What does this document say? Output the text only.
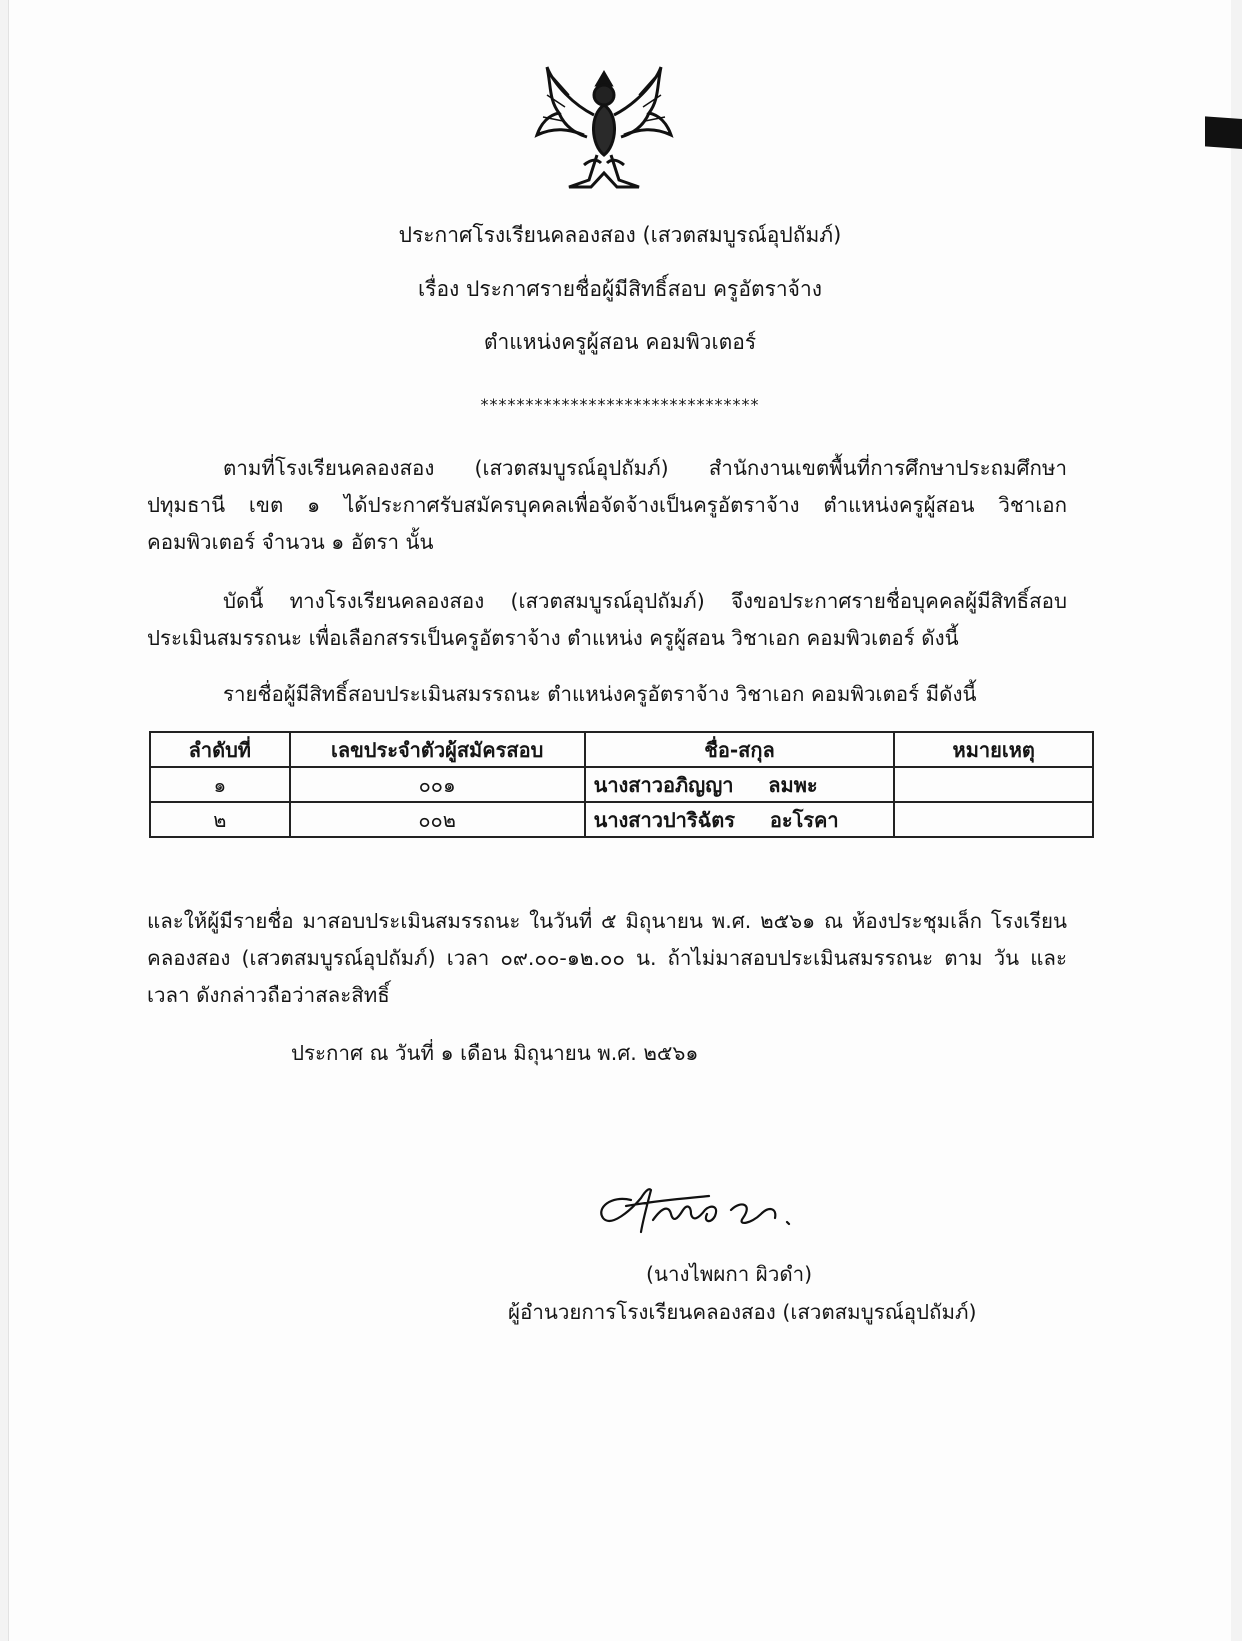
ประกาศโรงเรียนคลองสอง (เสวตสมบูรณ์อุปถัมภ์)
เรื่อง ประกาศรายชื่อผู้มีสิทธิ์สอบ ครูอัตราจ้าง
ตำแหน่งครูผู้สอน คอมพิวเตอร์
*******************************
ตามที่โรงเรียนคลองสอง (เสวตสมบูรณ์อุปถัมภ์) สำนักงานเขตพื้นที่การศึกษาประถมศึกษาปทุมธานี เขต ๑ ได้ประกาศรับสมัครบุคคลเพื่อจัดจ้างเป็นครูอัตราจ้าง ตำแหน่งครูผู้สอน วิชาเอก คอมพิวเตอร์ จำนวน ๑ อัตรา นั้น
บัดนี้ ทางโรงเรียนคลองสอง (เสวตสมบูรณ์อุปถัมภ์) จึงขอประกาศรายชื่อบุคคลผู้มีสิทธิ์สอบประเมินสมรรถนะ เพื่อเลือกสรรเป็นครูอัตราจ้าง ตำแหน่ง ครูผู้สอน วิชาเอก คอมพิวเตอร์ ดังนี้
รายชื่อผู้มีสิทธิ์สอบประเมินสมรรถนะ ตำแหน่งครูอัตราจ้าง วิชาเอก คอมพิวเตอร์ มีดังนี้
ลำดับที่	เลขประจำตัวผู้สมัครสอบ	ชื่อ-สกุล	หมายเหตุ
๑	๐๐๑	นางสาวอภิญญา     ลมพะ	
๒	๐๐๒	นางสาวปาริฉัตร     อะโรคา	
และให้ผู้มีรายชื่อ มาสอบประเมินสมรรถนะ ในวันที่ ๕ มิถุนายน พ.ศ. ๒๕๖๑ ณ ห้องประชุมเล็ก โรงเรียนคลองสอง (เสวตสมบูรณ์อุปถัมภ์) เวลา ๐๙.๐๐-๑๒.๐๐ น. ถ้าไม่มาสอบประเมินสมรรถนะ ตาม วัน และเวลา ดังกล่าวถือว่าสละสิทธิ์
ประกาศ ณ วันที่ ๑ เดือน มิถุนายน พ.ศ. ๒๕๖๑
(นางไพผกา ผิวดำ)
ผู้อำนวยการโรงเรียนคลองสอง (เสวตสมบูรณ์อุปถัมภ์)
